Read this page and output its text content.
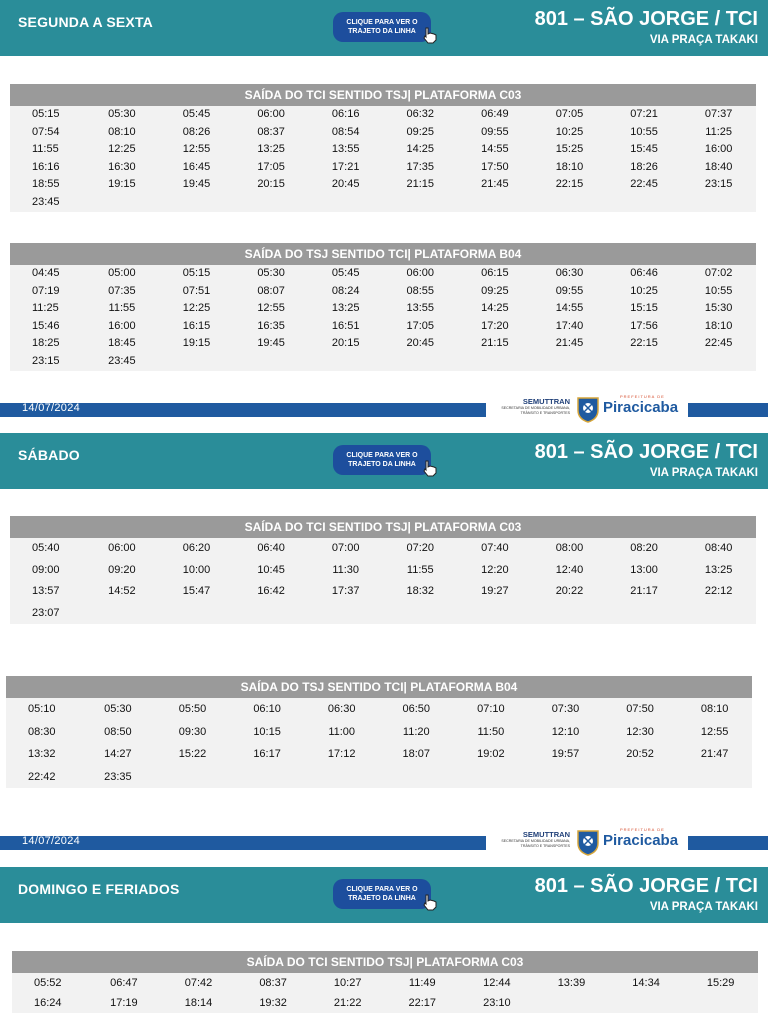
SEGUNDA A SEXTA	CLIQUE PARA VER O TRAJETO DA LINHA
801 – SÃO JORGE / TCI
VIA PRAÇA TAKAKI
SAÍDA DO TCI SENTIDO TSJ| PLATAFORMA C03
05:15	05:30	05:45	06:00	06:16	06:32	06:49	07:05	07:21	07:37
07:54	08:10	08:26	08:37	08:54	09:25	09:55	10:25	10:55	11:25
11:55	12:25	12:55	13:25	13:55	14:25	14:55	15:25	15:45	16:00
16:16	16:30	16:45	17:05	17:21	17:35	17:50	18:10	18:26	18:40
18:55	19:15	19:45	20:15	20:45	21:15	21:45	22:15	22:45	23:15
23:45
SAÍDA DO TSJ SENTIDO TCI| PLATAFORMA B04
04:45	05:00	05:15	05:30	05:45	06:00	06:15	06:30	06:46	07:02
07:19	07:35	07:51	08:07	08:24	08:55	09:25	09:55	10:25	10:55
11:25	11:55	12:25	12:55	13:25	13:55	14:25	14:55	15:15	15:30
15:46	16:00	16:15	16:35	16:51	17:05	17:20	17:40	17:56	18:10
18:25	18:45	19:15	19:45	20:15	20:45	21:15	21:45	22:15	22:45
23:15	23:45
14/07/2024
SEMUTTRAN
SECRETARIA DE MOBILIDADE URBANA, TRÂNSITO E TRANSPORTES
PREFEITURA DE
Piracicaba
SÁBADO	CLIQUE PARA VER O TRAJETO DA LINHA
801 – SÃO JORGE / TCI
VIA PRAÇA TAKAKI
SAÍDA DO TCI SENTIDO TSJ| PLATAFORMA C03
05:40	06:00	06:20	06:40	07:00	07:20	07:40	08:00	08:20	08:40
09:00	09:20	10:00	10:45	11:30	11:55	12:20	12:40	13:00	13:25
13:57	14:52	15:47	16:42	17:37	18:32	19:27	20:22	21:17	22:12
23:07
SAÍDA DO TSJ SENTIDO TCI| PLATAFORMA B04
05:10	05:30	05:50	06:10	06:30	06:50	07:10	07:30	07:50	08:10
08:30	08:50	09:30	10:15	11:00	11:20	11:50	12:10	12:30	12:55
13:32	14:27	15:22	16:17	17:12	18:07	19:02	19:57	20:52	21:47
22:42	23:35
14/07/2024
SEMUTTRAN
SECRETARIA DE MOBILIDADE URBANA, TRÂNSITO E TRANSPORTES
PREFEITURA DE
Piracicaba
DOMINGO E FERIADOS	CLIQUE PARA VER O TRAJETO DA LINHA
801 – SÃO JORGE / TCI
VIA PRAÇA TAKAKI
SAÍDA DO TCI SENTIDO TSJ| PLATAFORMA C03
05:52	06:47	07:42	08:37	10:27	11:49	12:44	13:39	14:34	15:29
16:24	17:19	18:14	19:32	21:22	22:17	23:10
